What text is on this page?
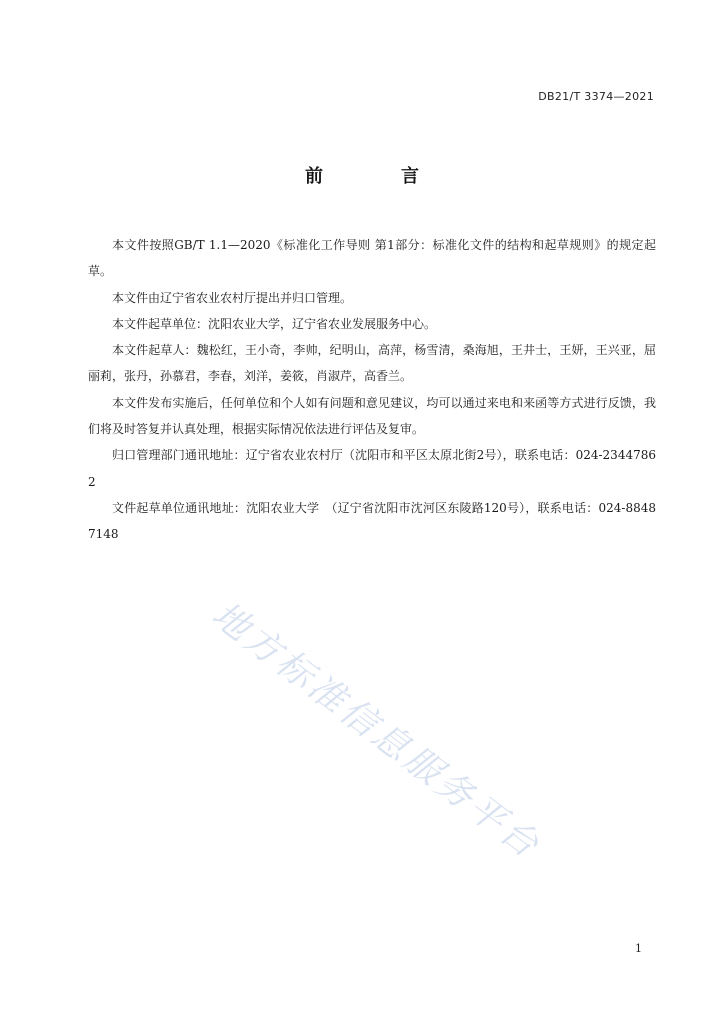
DB21/T 3374—2021
前　言

本文件按照GB/T 1.1—2020《标准化工作导则 第1部分：标准化文件的结构和起草规则》的规定起草。

本文件由辽宁省农业农村厅提出并归口管理。

本文件起草单位：沈阳农业大学，辽宁省农业发展服务中心。

本文件起草人：魏松红，王小奇，李帅，纪明山，高萍，杨雪清，桑海旭，王井士，王妍，王兴亚，屈丽莉，张丹，孙慕君，李春，刘洋，姜筱，肖淑芹，高香兰。

本文件发布实施后，任何单位和个人如有问题和意见建议，均可以通过来电和来函等方式进行反馈，我们将及时答复并认真处理，根据实际情况依法进行评估及复审。

归口管理部门通讯地址：辽宁省农业农村厅（沈阳市和平区太原北街2号），联系电话：024-23447862

文件起草单位通讯地址：沈阳农业大学　（辽宁省沈阳市沈河区东陵路120号），联系电话：024-88487148

地方标准信息服务平台
1
